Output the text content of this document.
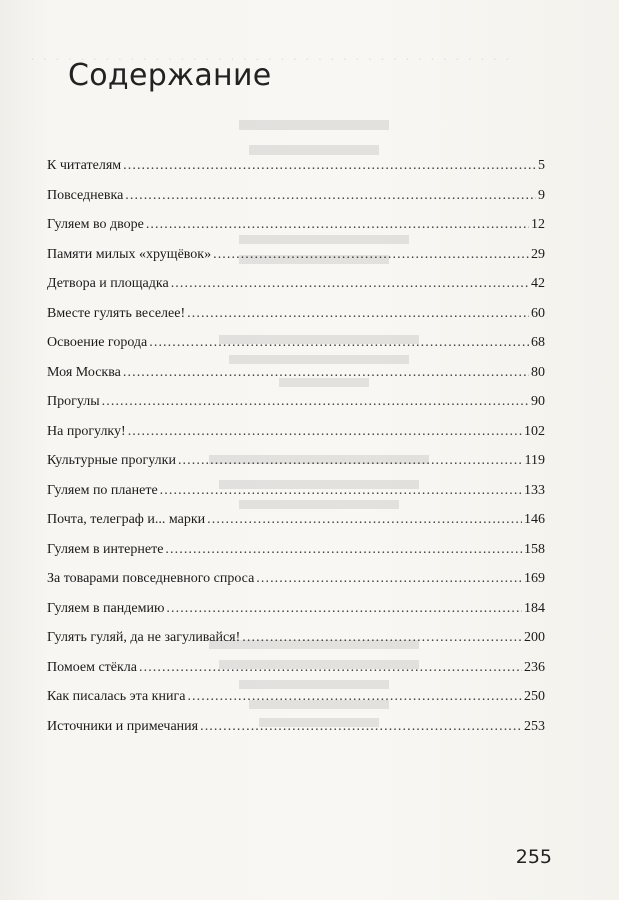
. . . . . . . . . . . . . . . . . . . . . . . . . . . . . . . . . . . . . . .
Содержание
К читателям . . .	5
Повседневка . . .	9
Гуляем во дворе . . .	12
Памяти милых «хрущёвок» . . .	29
Детвора и площадка . . .	42
Вместе гулять веселее! . . .	60
Освоение города . . .	68
Моя Москва . . .	80
Прогулы . . .	90
На прогулку! . . .	102
Культурные прогулки . . .	119
Гуляем по планете . . .	133
Почта, телеграф и... марки . . .	146
Гуляем в интернете . . .	158
За товарами повседневного спроса . . .	169
Гуляем в пандемию . . .	184
Гулять гуляй, да не загуливайся! . . .	200
Помоем стёкла . . .	236
Как писалась эта книга . . .	250
Источники и примечания . . .	253
255
